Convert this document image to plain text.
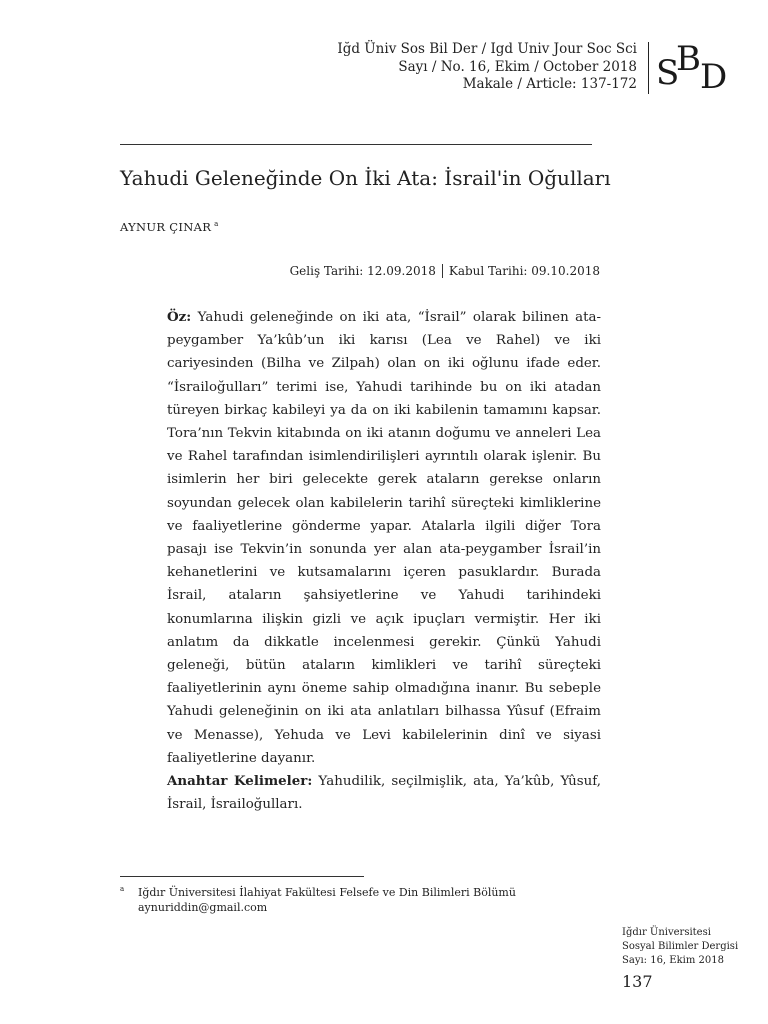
Iğd Üniv Sos Bil Der / Igd Univ Jour Soc Sci
Sayı / No. 16, Ekim / October 2018
Makale / Article: 137-172 S
B D
Yahudi Geleneğinde On İki Ata: İsrail'in Oğulları
AYNUR ÇINAR $^a$
Geliş Tarihi: 12.09.2018 Kabul Tarihi: 09.10.2018

Öz: Yahudi geleneğinde on iki ata, “İsrail” olarak bilinen ata-peygamber Ya’kûb’un iki karısı (Lea ve Rahel) ve iki cariyesinden (Bilha ve Zilpah) olan on iki oğlunu ifade eder. “İsrailoğulları” terimi ise, Yahudi tarihinde bu on iki atadan türeyen birkaç kabileyi ya da on iki kabilenin tamamını kapsar. Tora’nın Tekvin kitabında on iki atanın doğumu ve anneleri Lea ve Rahel tarafından isimlendirilişleri ayrıntılı olarak işlenir. Bu isimlerin her biri gelecekte gerek ataların gerekse onların soyundan gelecek olan kabilelerin tarihî süreçteki kimliklerine ve faaliyetlerine gönderme yapar. Atalarla ilgili diğer Tora pasajı ise Tekvin’in sonunda yer alan ata-peygamber İsrail’in kehanetlerini ve kutsamalarını içeren pasuklardır. Burada İsrail, ataların şahsiyetlerine ve Yahudi tarihindeki konumlarına ilişkin gizli ve açık ipuçları vermiştir. Her iki anlatım da dikkatle incelenmesi gerekir. Çünkü Yahudi geleneği, bütün ataların kimlikleri ve tarihî süreçteki faaliyetlerinin aynı öneme sahip olmadığına inanır. Bu sebeple Yahudi geleneğinin on iki ata anlatıları bilhassa Yûsuf (Efraim ve Menasse), Yehuda ve Levi kabilelerinin dinî ve siyasi faaliyetlerine dayanır.

Anahtar Kelimeler: Yahudilik, seçilmişlik, ata, Ya’kûb, Yûsuf, İsrail, İsrailoğulları.

a Iğdır Üniversitesi İlahiyat Fakültesi Felsefe ve Din Bilimleri Bölümü
aynuriddin@gmail.com
Iğdır Üniversitesi
Sosyal Bilimler Dergisi
Sayı: 16, Ekim 2018
137
